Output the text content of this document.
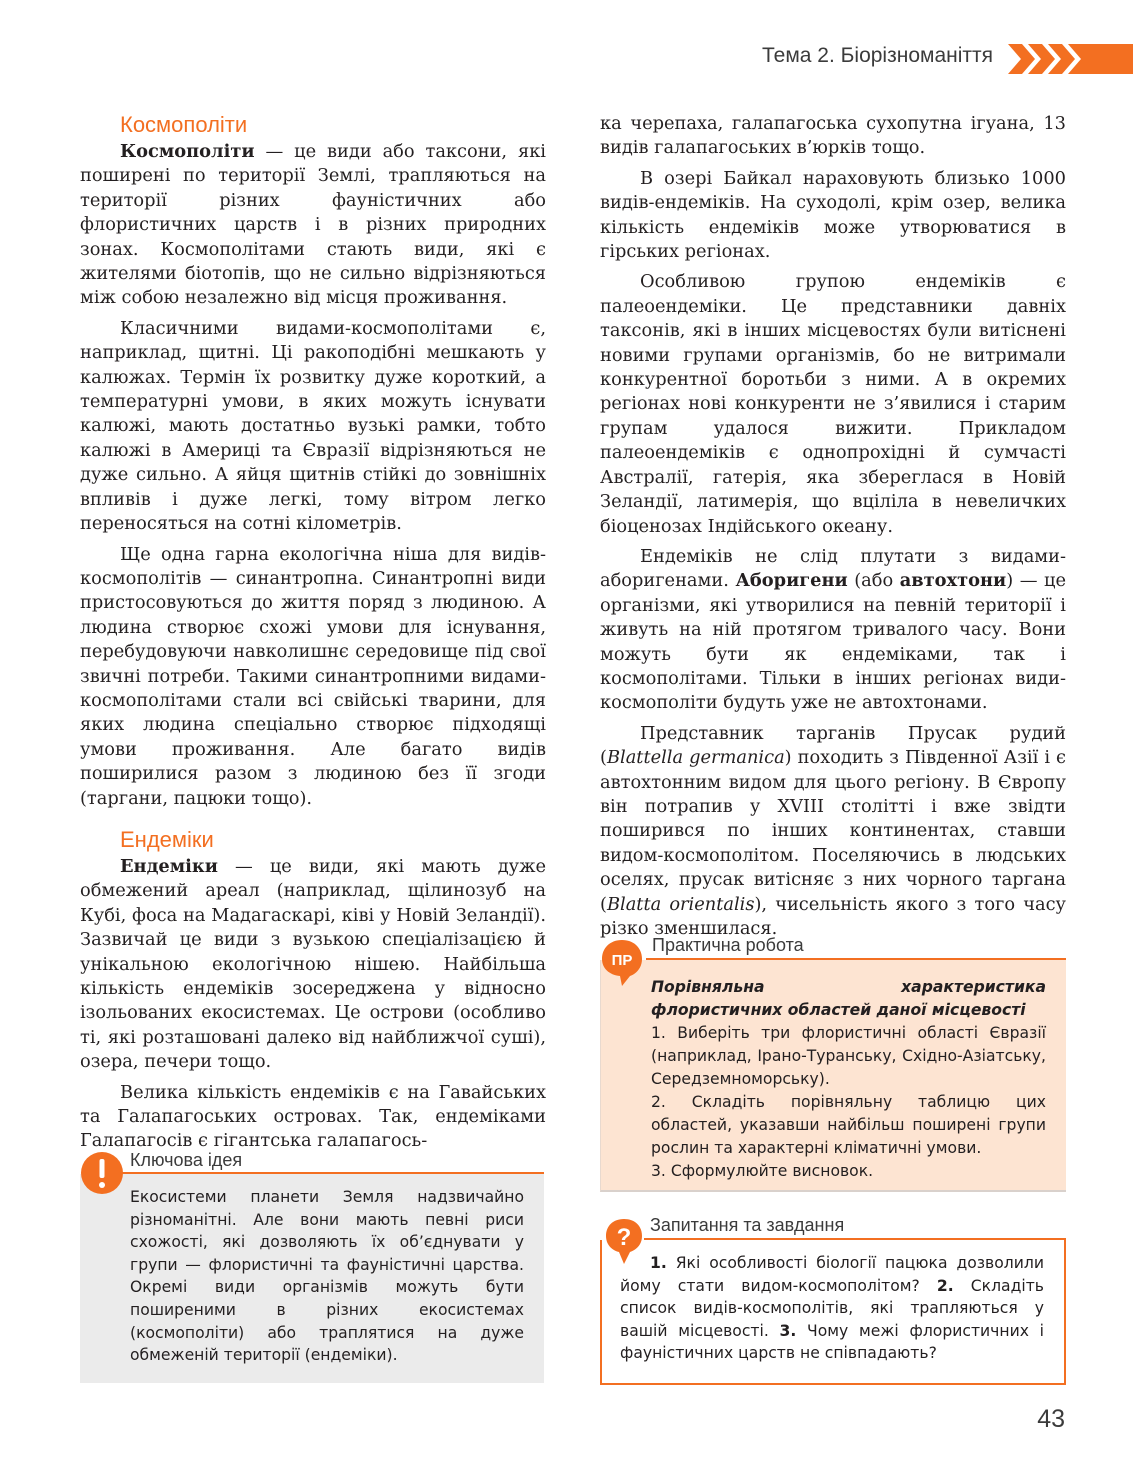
Тема 2. Біорізноманіття
Космополіти

Космополіти — це види або таксони, які поширені по території Землі, трапляються на території різних фауністичних або флористичних царств і в різних природних зонах. Космополітами стають види, які є жителями біотопів, що не сильно відрізняються між собою незалежно від місця проживання.

Класичними видами-космополітами є, наприклад, щитні. Ці ракоподібні мешкають у калюжах. Термін їх розвитку дуже короткий, а температурні умови, в яких можуть існувати калюжі, мають достатньо вузькі рамки, тобто калюжі в Америці та Євразії відрізняються не дуже сильно. А яйця щитнів стійкі до зовнішніх впливів і дуже легкі, тому вітром легко переносяться на сотні кілометрів.

Ще одна гарна екологічна ніша для видів-космополітів — синантропна. Синантропні види пристосовуються до життя поряд з людиною. А людина створює схожі умови для існування, перебудовуючи навколишнє середовище під свої звичні потреби. Такими синантропними видами-космополітами стали всі свійські тварини, для яких людина спеціально створює підходящі умови проживання. Але багато видів поширилися разом з людиною без її згоди (таргани, пацюки тощо).

Ендеміки

Ендеміки — це види, які мають дуже обмежений ареал (наприклад, щілинозуб на Кубі, фоса на Мадагаскарі, ківі у Новій Зеландії). Зазвичай це види з вузькою спеціалізацією й унікальною екологічною нішею. Найбільша кількість ендеміків зосереджена у відносно ізольованих екосистемах. Це острови (особливо ті, які розташовані далеко від найближчої суші), озера, печери тощо.

Велика кількість ендеміків є на Гавайських та Галапагоських островах. Так, ендеміками Галапагосів є гігантська галапагось-

ка черепаха, галапагоська сухопутна ігуана, 13 видів галапагоських в’юрків тощо.

В озері Байкал нараховують близько 1000 видів-ендеміків. На суходолі, крім озер, велика кількість ендеміків може утворюватися в гірських регіонах.

Особливою групою ендеміків є палеоендеміки. Це представники давніх таксонів, які в інших місцевостях були витіснені новими групами організмів, бо не витримали конкурентної боротьби з ними. А в окремих регіонах нові конкуренти не з’явилися і старим групам удалося вижити. Прикладом палеоендеміків є однопрохідні й сумчасті Австралії, гатерія, яка збереглася в Новій Зеландії, латимерія, що вціліла в невеличких біоценозах Індійського океану.

Ендеміків не слід плутати з видами-аборигенами. Аборигени (або автохтони) — це організми, які утворилися на певній території і живуть на ній протягом тривалого часу. Вони можуть бути як ендеміками, так і космополітами. Тільки в інших регіонах види-космополіти будуть уже не автохтонами.

Представник тарганів Прусак рудий (Blattella germanica) походить з Південної Азії і є автохтонним видом для цього регіону. В Європу він потрапив у XVIII столітті і вже звідти поширився по інших континентах, ставши видом-космополітом. Поселяючись в людських оселях, прусак витісняє з них чорного таргана (Blatta orientalis), чисельність якого з того часу різко зменшилася.

Екосистеми планети Земля надзвичайно різноманітні. Але вони мають певні риси схожості, які дозволяють їх об’єднувати у групи — флористичні та фауністичні царства. Окремі види організмів можуть бути поширеними в різних екосистемах (космополіти) або траплятися на дуже обмеженій території (ендеміки).
Ключова ідея

Порівняльна характеристика флористичних областей даної місцевості

1. Виберіть три флористичні області Євразії (наприклад, Ірано-Туранську, Східно-Азіатську, Середземноморську).

2. Складіть порівняльну таблицю цих областей, указавши найбільш поширені групи рослин та характерні кліматичні умови.

3. Сформулюйте висновок.

Практична робота
ПР
1. Які особливості біології пацюка дозволили йому стати видом-космополітом? 2. Складіть список видів-космополітів, які трапляються у вашій місцевості. 3. Чому межі флористичних і фауністичних царств не співпадають?
Запитання та завдання
?
43
